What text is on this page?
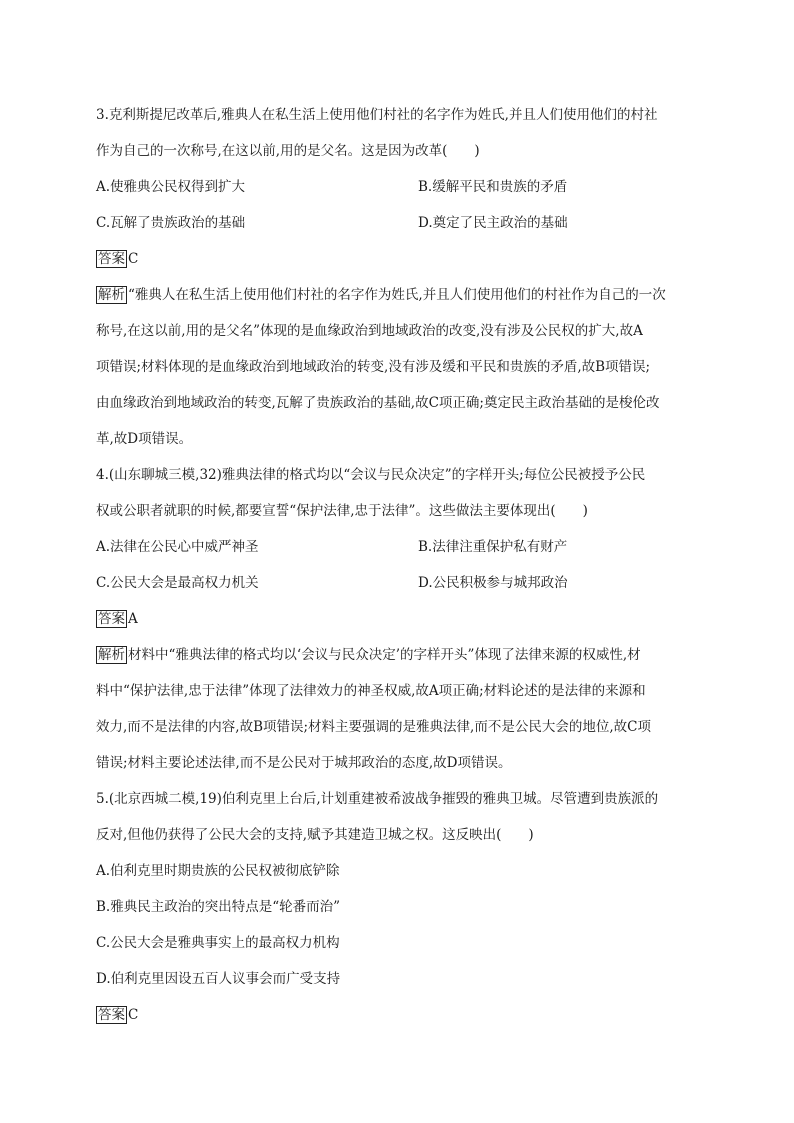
3.克利斯提尼改革后,雅典人在私生活上使用他们村社的名字作为姓氏,并且人们使用他们的村社
作为自己的一次称号,在这以前,用的是父名。这是因为改革(　　)
A.使雅典公民权得到扩大	B.缓解平民和贵族的矛盾
C.瓦解了贵族政治的基础	D.奠定了民主政治的基础
答案 C
解析 “雅典人在私生活上使用他们村社的名字作为姓氏,并且人们使用他们的村社作为自己的一次
称号,在这以前,用的是父名”体现的是血缘政治到地域政治的改变,没有涉及公民权的扩大,故A
项错误;材料体现的是血缘政治到地域政治的转变,没有涉及缓和平民和贵族的矛盾,故B项错误;
由血缘政治到地域政治的转变,瓦解了贵族政治的基础,故C项正确;奠定民主政治基础的是梭伦改
革,故D项错误。
4.(山东聊城三模,32)雅典法律的格式均以“会议与民众决定”的字样开头;每位公民被授予公民
权或公职者就职的时候,都要宣誓“保护法律,忠于法律”。这些做法主要体现出(　　)
A.法律在公民心中威严神圣	B.法律注重保护私有财产
C.公民大会是最高权力机关	D.公民积极参与城邦政治
答案 A
解析 材料中“雅典法律的格式均以‘会议与民众决定’的字样开头”体现了法律来源的权威性,材
料中“保护法律,忠于法律”体现了法律效力的神圣权威,故A项正确;材料论述的是法律的来源和
效力,而不是法律的内容,故B项错误;材料主要强调的是雅典法律,而不是公民大会的地位,故C项
错误;材料主要论述法律,而不是公民对于城邦政治的态度,故D项错误。
5.(北京西城二模,19)伯利克里上台后,计划重建被希波战争摧毁的雅典卫城。尽管遭到贵族派的
反对,但他仍获得了公民大会的支持,赋予其建造卫城之权。这反映出(　　)
A.伯利克里时期贵族的公民权被彻底铲除
B.雅典民主政治的突出特点是“轮番而治”
C.公民大会是雅典事实上的最高权力机构
D.伯利克里因设五百人议事会而广受支持
答案 C
